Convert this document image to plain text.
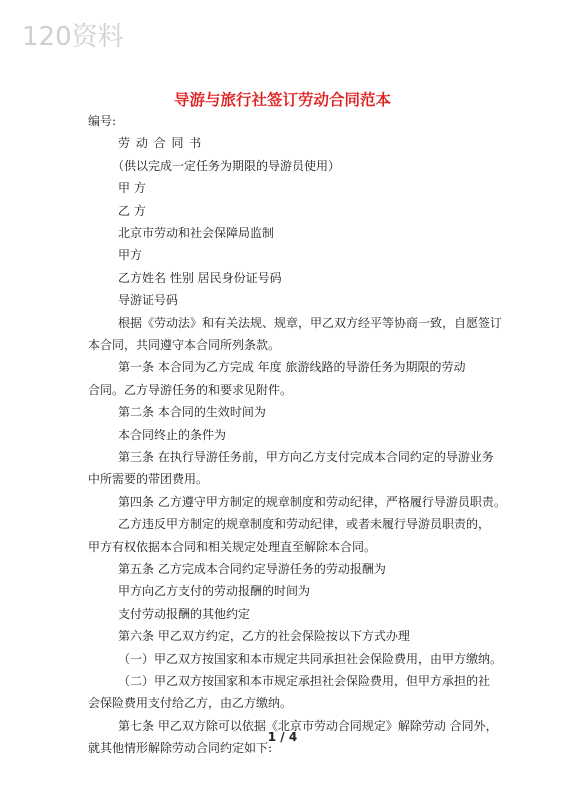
120资料
导游与旅行社签订劳动合同范本
编号:
劳 动 合 同 书
（供以完成一定任务为期限的导游员使用）
甲 方
乙 方
北京市劳动和社会保障局监制
甲方
乙方姓名 性别 居民身份证号码
导游证号码
根据《劳动法》和有关法规、规章，甲乙双方经平等协商一致，自愿签订
本合同，共同遵守本合同所列条款。
第一条 本合同为乙方完成 年度 旅游线路的导游任务为期限的劳动
合同。乙方导游任务的和要求见附件。
第二条 本合同的生效时间为
本合同终止的条件为
第三条 在执行导游任务前，甲方向乙方支付完成本合同约定的导游业务
中所需要的带团费用。
第四条 乙方遵守甲方制定的规章制度和劳动纪律，严格履行导游员职责。
乙方违反甲方制定的规章制度和劳动纪律，或者未履行导游员职责的，
甲方有权依据本合同和相关规定处理直至解除本合同。
第五条 乙方完成本合同约定导游任务的劳动报酬为
甲方向乙方支付的劳动报酬的时间为
支付劳动报酬的其他约定
第六条 甲乙双方约定，乙方的社会保险按以下方式办理
（一）甲乙双方按国家和本市规定共同承担社会保险费用，由甲方缴纳。
（二）甲乙双方按国家和本市规定承担社会保险费用，但甲方承担的社
会保险费用支付给乙方，由乙方缴纳。
1 / 4
第七条 甲乙双方除可以依据《北京市劳动合同规定》解除劳动 合同外，
就其他情形解除劳动合同约定如下:
